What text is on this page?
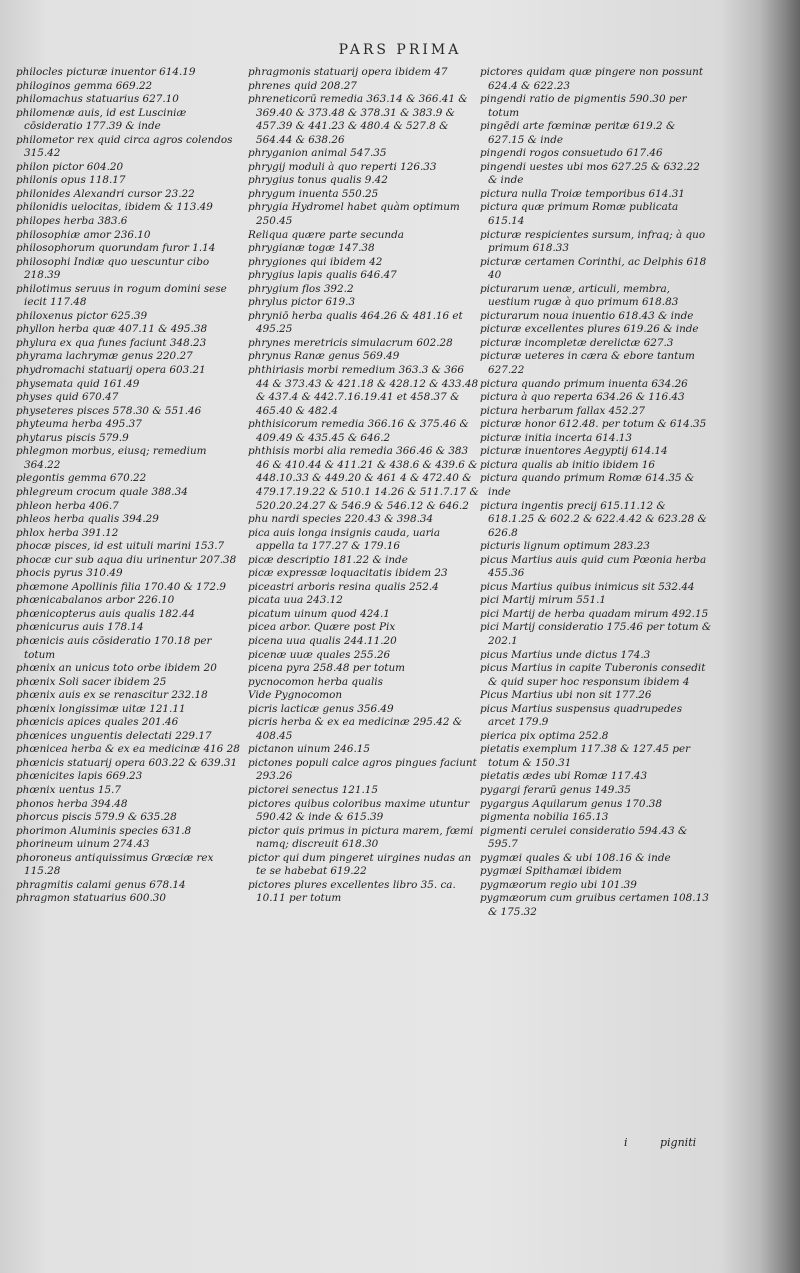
PARS PRIMA

philocles picturæ inuentor 614.19

philoginos gemma 669.22

philomachus statuarius 627.10

philomenæ auis, id est Lusciniæ cōsideratio 177.39 & inde

philometor rex quid circa agros colendos 315.42

philon pictor 604.20

philonis opus 118.17

philonides Alexandri cursor 23.22

philonidis uelocitas, ibidem & 113.49

philopes herba 383.6

philosophiæ amor 236.10

philosophorum quorundam furor 1.14

philosophi Indiæ quo uescuntur cibo 218.39

philotimus seruus in rogum domini sese iecit 117.48

philoxenus pictor 625.39

phyllon herba quæ 407.11 & 495.38

phylura ex qua funes faciunt 348.23

phyrama lachrymæ genus 220.27

phydromachi statuarij opera 603.21

physemata quid 161.49

physes quid 670.47

physeteres pisces 578.30 & 551.46

phyteuma herba 495.37

phytarus piscis 579.9

phlegmon morbus, eiusq; remedium 364.22

plegontis gemma 670.22

phlegreum crocum quale 388.34

phleon herba 406.7

phleos herba qualis 394.29

phlox herba 391.12

phocæ pisces, id est uituli marini 153.7

phocæ cur sub aqua diu urinentur 207.38

phocis pyrus 310.49

phœmone Apollinis filia 170.40 & 172.9

phœnicabalanos arbor 226.10

phœnicopterus auis qualis 182.44

phœnicurus auis 178.14

phœnicis auis cōsideratio 170.18 per totum

phœnix an unicus toto orbe ibidem 20

phœnix Soli sacer ibidem 25

phœnix auis ex se renascitur 232.18

phœnix longissimæ uitæ 121.11

phœnicis apices quales 201.46

phœnices unguentis delectati 229.17

phœnicea herba & ex ea medicinæ 416 28

phœnicis statuarij opera 603.22 & 639.31

phœnicites lapis 669.23

phœnix uentus 15.7

phonos herba 394.48

phorcus piscis 579.9 & 635.28

phorimon Aluminis species 631.8

phorineum uinum 274.43

phoroneus antiquissimus Græciæ rex 115.28

phragmitis calami genus 678.14

phragmon statuarius 600.30

phragmonis statuarij opera ibidem 47

phrenes quid 208.27

phreneticorū remedia 363.14 & 366.41 & 369.40 & 373.48 & 378.31 & 383.9 & 457.39 & 441.23 & 480.4 & 527.8 & 564.44 & 638.26

phryganion animal 547.35

phrygij moduli à quo reperti 126.33

phrygius tonus qualis 9.42

phrygum inuenta 550.25

phrygia Hydromel habet quàm optimum 250.45

Reliqua quære parte secunda

phrygianæ togæ 147.38

phrygiones qui ibidem 42

phrygius lapis qualis 646.47

phrygium flos 392.2

phrylus pictor 619.3

phryniō herba qualis 464.26 & 481.16 et 495.25

phrynes meretricis simulacrum 602.28

phrynus Ranæ genus 569.49

phthiriasis morbi remedium 363.3 & 366 44 & 373.43 & 421.18 & 428.12 & 433.48 & 437.4 & 442.7.16.19.41 et 458.37 & 465.40 & 482.4

phthisicorum remedia 366.16 & 375.46 & 409.49 & 435.45 & 646.2

phthisis morbi alia remedia 366.46 & 383 46 & 410.44 & 411.21 & 438.6 & 439.6 & 448.10.33 & 449.20 & 461 4 & 472.40 & 479.17.19.22 & 510.1 14.26 & 511.7.17 & 520.20.24.27 & 546.9 & 546.12 & 646.2

phu nardi species 220.43 & 398.34

pica auis longa insignis cauda, uaria appella ta 177.27 & 179.16

picæ descriptio 181.22 & inde

picæ expressæ loquacitatis ibidem 23

piceastri arboris resina qualis 252.4

picata uua 243.12

picatum uinum quod 424.1

picea arbor. Quære post Pix

picena uua qualis 244.11.20

picenæ uuæ quales 255.26

picena pyra 258.48 per totum

pycnocomon herba qualis

Vide Pygnocomon

picris lacticæ genus 356.49

picris herba & ex ea medicinæ 295.42 & 408.45

pictanon uinum 246.15

pictones populi calce agros pingues faciunt 293.26

pictorei senectus 121.15

pictores quibus coloribus maxime utuntur 590.42 & inde & 615.39

pictor quis primus in pictura marem, fœmi namq; discreuit 618.30

pictor qui dum pingeret uirgines nudas an te se habebat 619.22

pictores plures excellentes libro 35. ca. 10.11 per totum

pictores quidam quæ pingere non possunt 624.4 & 622.23

pingendi ratio de pigmentis 590.30 per totum

pingēdi arte fœminæ peritæ 619.2 & 627.15 & inde

pingendi rogos consuetudo 617.46

pingendi uestes ubi mos 627.25 & 632.22 & inde

pictura nulla Troiæ temporibus 614.31

pictura quæ primum Romæ publicata 615.14

picturæ respicientes sursum, infraq; à quo primum 618.33

picturæ certamen Corinthi, ac Delphis 618 40

picturarum uenæ, articuli, membra, uestium rugæ à quo primum 618.83

picturarum noua inuentio 618.43 & inde

picturæ excellentes plures 619.26 & inde

picturæ incompletæ derelictæ 627.3

picturæ ueteres in cæra & ebore tantum 627.22

pictura quando primum inuenta 634.26

pictura à quo reperta 634.26 & 116.43

pictura herbarum fallax 452.27

picturæ honor 612.48. per totum & 614.35

picturæ initia incerta 614.13

picturæ inuentores Aegyptij 614.14

pictura qualis ab initio ibidem 16

pictura quando primum Romæ 614.35 & inde

pictura ingentis precij 615.11.12 & 618.1.25 & 602.2 & 622.4.42 & 623.28 & 626.8

picturis lignum optimum 283.23

picus Martius auis quid cum Pœonia herba 455.36

picus Martius quibus inimicus sit 532.44

pici Martij mirum 551.1

pici Martij de herba quadam mirum 492.15

pici Martij consideratio 175.46 per totum & 202.1

picus Martius unde dictus 174.3

picus Martius in capite Tuberonis consedit & quid super hoc responsum ibidem 4

Picus Martius ubi non sit 177.26

picus Martius suspensus quadrupedes arcet 179.9

pierica pix optima 252.8

pietatis exemplum 117.38 & 127.45 per totum & 150.31

pietatis ædes ubi Romæ 117.43

pygargi ferarū genus 149.35

pygargus Aquilarum genus 170.38

pigmenta nobilia 165.13

pigmenti cerulei consideratio 594.43 & 595.7

pygmæi quales & ubi 108.16 & inde

pygmæi Spithamæi ibidem

pygmæorum regio ubi 101.39

pygmæorum cum gruibus certamen 108.13 & 175.32

i	pigniti
